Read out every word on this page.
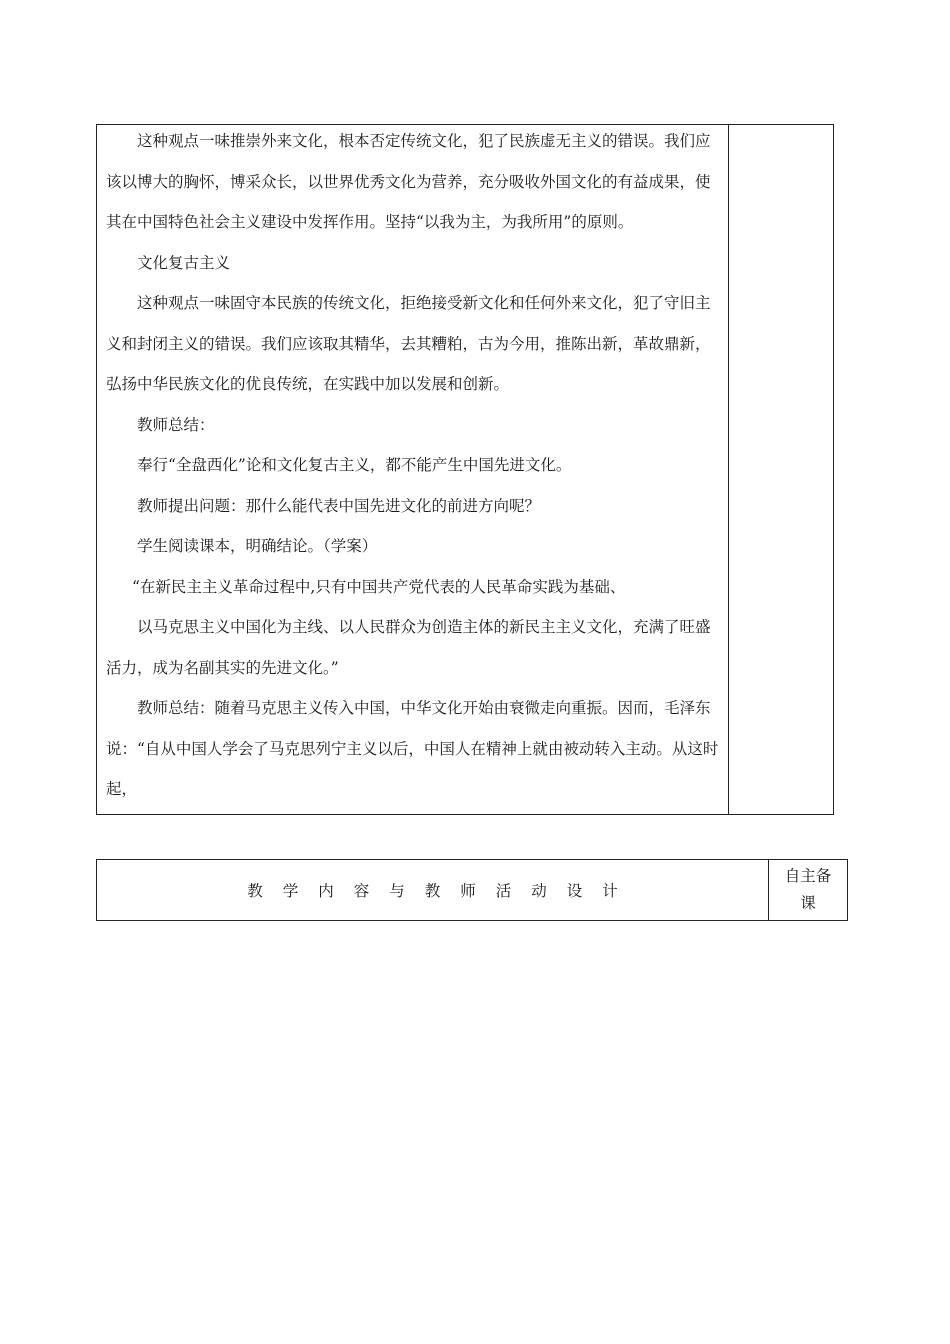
这种观点一味推崇外来文化，根本否定传统文化，犯了民族虚无主义的错误。我们应该以博大的胸怀，博采众长，以世界优秀文化为营养，充分吸收外国文化的有益成果，使其在中国特色社会主义建设中发挥作用。坚持“以我为主，为我所用”的原则。

文化复古主义

这种观点一味固守本民族的传统文化，拒绝接受新文化和任何外来文化，犯了守旧主义和封闭主义的错误。我们应该取其精华，去其糟粕，古为今用，推陈出新，革故鼎新，弘扬中华民族文化的优良传统，在实践中加以发展和创新。

教师总结：

奉行“全盘西化”论和文化复古主义，都不能产生中国先进文化。

教师提出问题：那什么能代表中国先进文化的前进方向呢？

学生阅读课本，明确结论。（学案）

“在新民主主义革命过程中,只有中国共产党代表的人民革命实践为基础、

以马克思主义中国化为主线、以人民群众为创造主体的新民主主义文化，充满了旺盛活力，成为名副其实的先进文化。”

教师总结：随着马克思主义传入中国，中华文化开始由衰微走向重振。因而，毛泽东说：“自从中国人学会了马克思列宁主义以后，中国人在精神上就由被动转入主动。从这时起，

教学内容与教师活动设计
自主备课
